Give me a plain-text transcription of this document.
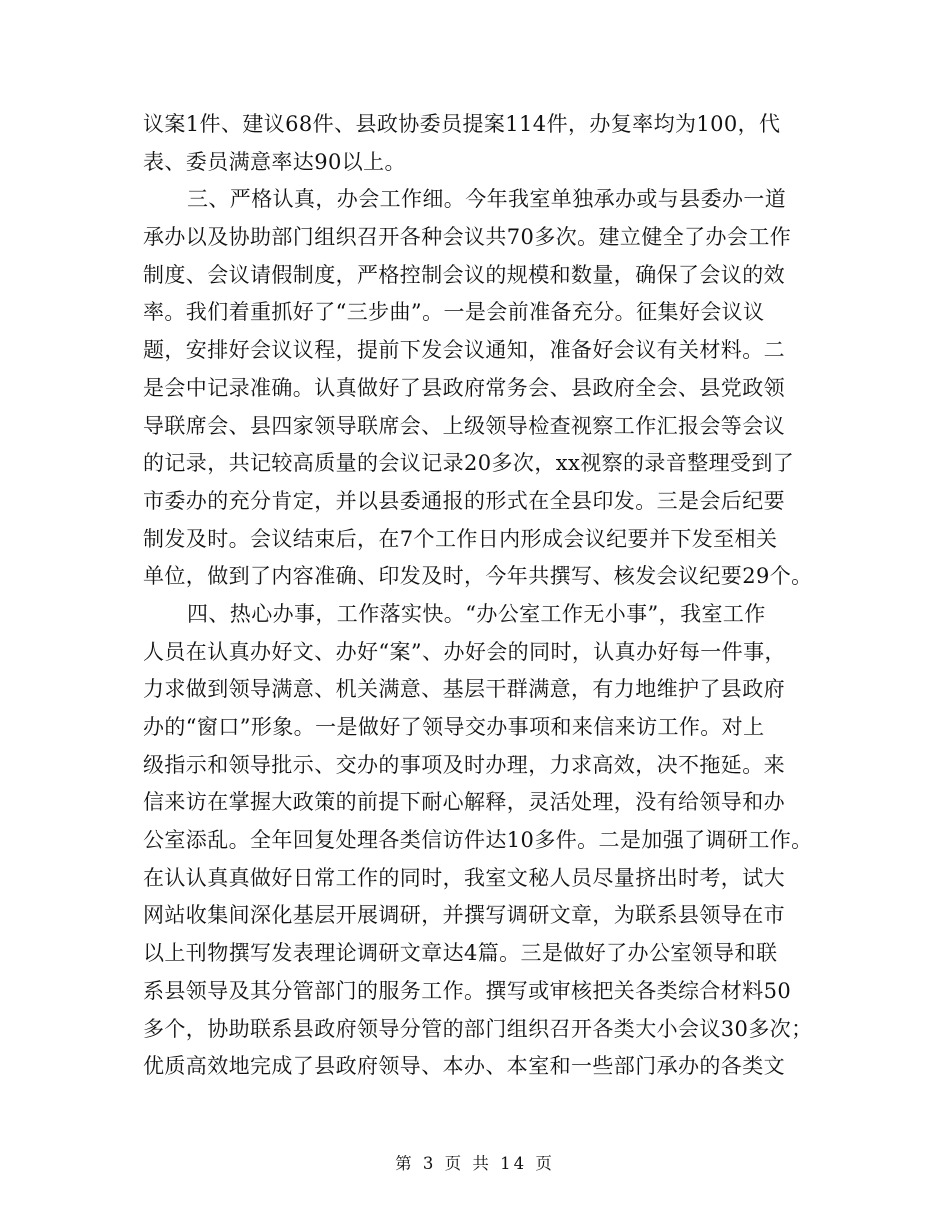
议案1件、建议68件、县政协委员提案114件，办复率均为100，代
表、委员满意率达90以上。
三、严格认真，办会工作细。今年我室单独承办或与县委办一道
承办以及协助部门组织召开各种会议共70多次。建立健全了办会工作
制度、会议请假制度，严格控制会议的规模和数量，确保了会议的效
率。我们着重抓好了“三步曲”。一是会前准备充分。征集好会议议
题，安排好会议议程，提前下发会议通知，准备好会议有关材料。二
是会中记录准确。认真做好了县政府常务会、县政府全会、县党政领
导联席会、县四家领导联席会、上级领导检查视察工作汇报会等会议
的记录，共记较高质量的会议记录20多次，xx视察的录音整理受到了
市委办的充分肯定，并以县委通报的形式在全县印发。三是会后纪要
制发及时。会议结束后，在7个工作日内形成会议纪要并下发至相关
单位，做到了内容准确、印发及时，今年共撰写、核发会议纪要29个。
四、热心办事，工作落实快。“办公室工作无小事”，我室工作
人员在认真办好文、办好“案”、办好会的同时，认真办好每一件事，
力求做到领导满意、机关满意、基层干群满意，有力地维护了县政府
办的“窗口”形象。一是做好了领导交办事项和来信来访工作。对上
级指示和领导批示、交办的事项及时办理，力求高效，决不拖延。来
信来访在掌握大政策的前提下耐心解释，灵活处理，没有给领导和办
公室添乱。全年回复处理各类信访件达10多件。二是加强了调研工作。
在认认真真做好日常工作的同时，我室文秘人员尽量挤出时考，试大
网站收集间深化基层开展调研，并撰写调研文章，为联系县领导在市
以上刊物撰写发表理论调研文章达4篇。三是做好了办公室领导和联
系县领导及其分管部门的服务工作。撰写或审核把关各类综合材料50
多个，协助联系县政府领导分管的部门组织召开各类大小会议30多次；
优质高效地完成了县政府领导、本办、本室和一些部门承办的各类文
第 3 页 共 14 页
